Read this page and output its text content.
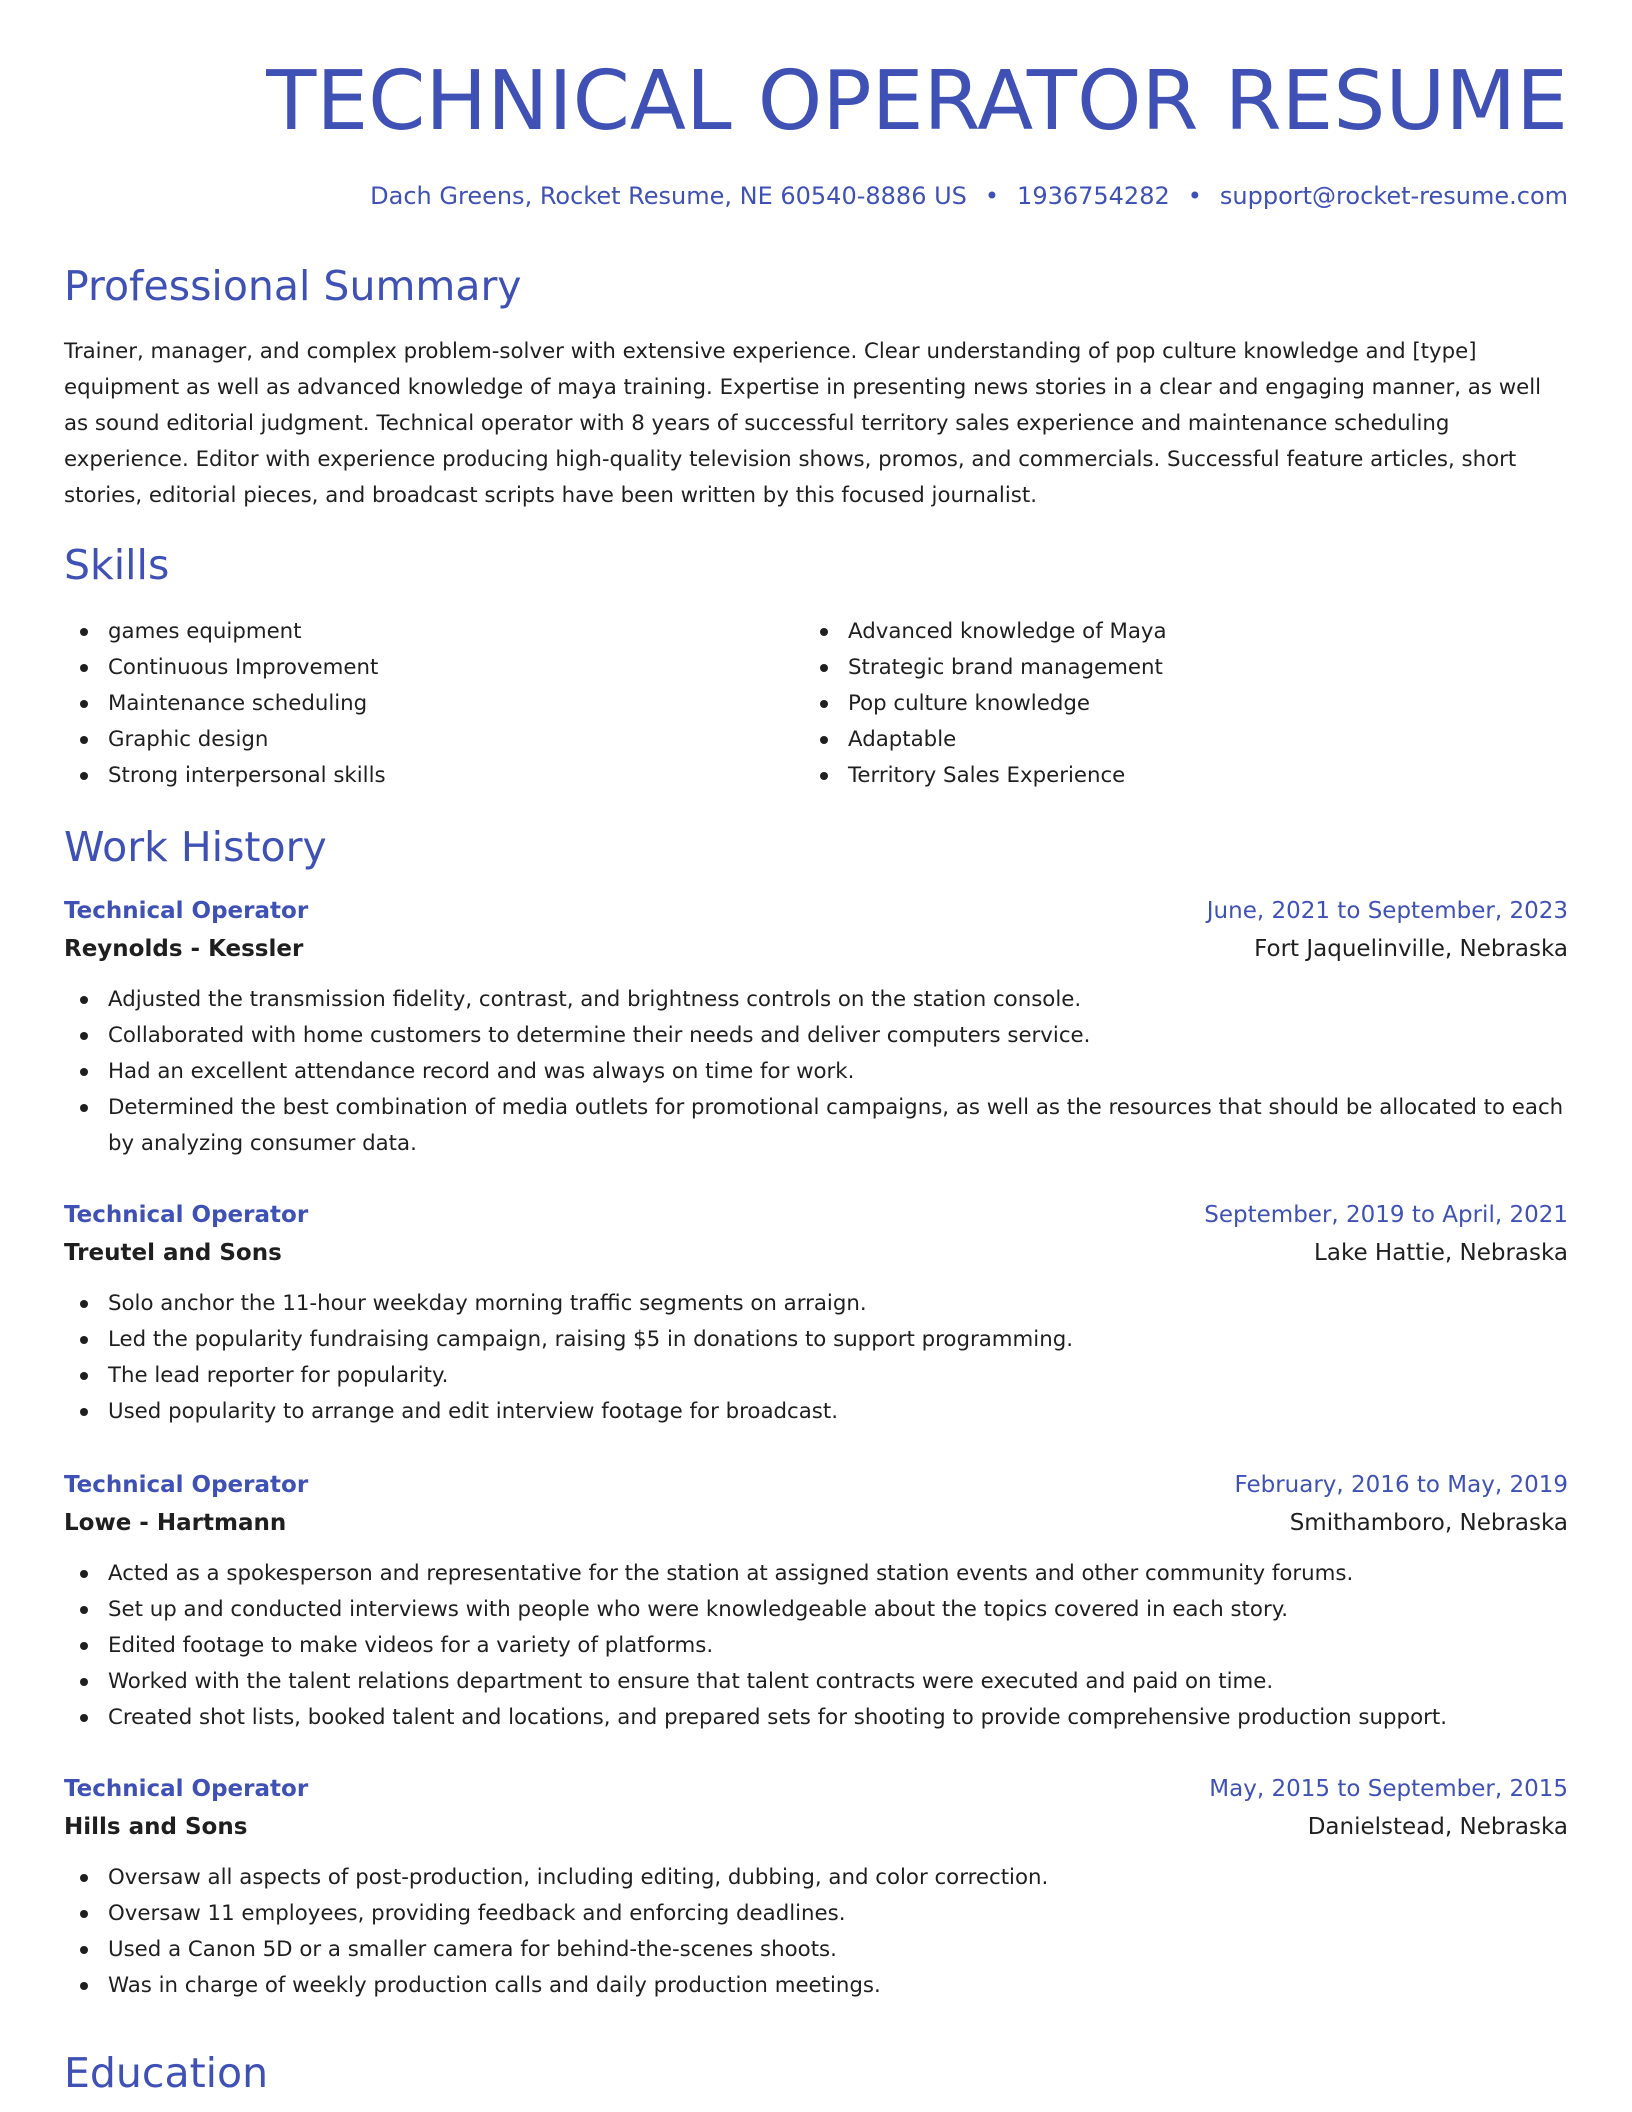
TECHNICAL OPERATOR RESUME
Dach Greens, Rocket Resume, NE 60540-8886 US • 1936754282 • support@rocket-resume.com
Professional Summary

Trainer, manager, and complex problem-solver with extensive experience. Clear understanding of pop culture knowledge and [type] equipment as well as advanced knowledge of maya training. Expertise in presenting news stories in a clear and engaging manner, as well as sound editorial judgment. Technical operator with 8 years of successful territory sales experience and maintenance scheduling experience. Editor with experience producing high-quality television shows, promos, and commercials. Successful feature articles, short stories, editorial pieces, and broadcast scripts have been written by this focused journalist.

Skills
games equipment
Continuous Improvement
Maintenance scheduling
Graphic design
Strong interpersonal skills
Advanced knowledge of Maya
Strategic brand management
Pop culture knowledge
Adaptable
Territory Sales Experience
Work History
Technical Operator	June, 2021 to September, 2023
Reynolds - Kessler	Fort Jaquelinville, Nebraska
Adjusted the transmission fidelity, contrast, and brightness controls on the station console.
Collaborated with home customers to determine their needs and deliver computers service.
Had an excellent attendance record and was always on time for work.
Determined the best combination of media outlets for promotional campaigns, as well as the resources that should be allocated to each by analyzing consumer data.
Technical Operator	September, 2019 to April, 2021
Treutel and Sons	Lake Hattie, Nebraska
Solo anchor the 11-hour weekday morning traffic segments on arraign.
Led the popularity fundraising campaign, raising $5 in donations to support programming.
The lead reporter for popularity.
Used popularity to arrange and edit interview footage for broadcast.
Technical Operator	February, 2016 to May, 2019
Lowe - Hartmann	Smithamboro, Nebraska
Acted as a spokesperson and representative for the station at assigned station events and other community forums.
Set up and conducted interviews with people who were knowledgeable about the topics covered in each story.
Edited footage to make videos for a variety of platforms.
Worked with the talent relations department to ensure that talent contracts were executed and paid on time.
Created shot lists, booked talent and locations, and prepared sets for shooting to provide comprehensive production support.
Technical Operator	May, 2015 to September, 2015
Hills and Sons	Danielstead, Nebraska
Oversaw all aspects of post-production, including editing, dubbing, and color correction.
Oversaw 11 employees, providing feedback and enforcing deadlines.
Used a Canon 5D or a smaller camera for behind-the-scenes shoots.
Was in charge of weekly production calls and daily production meetings.
Education
